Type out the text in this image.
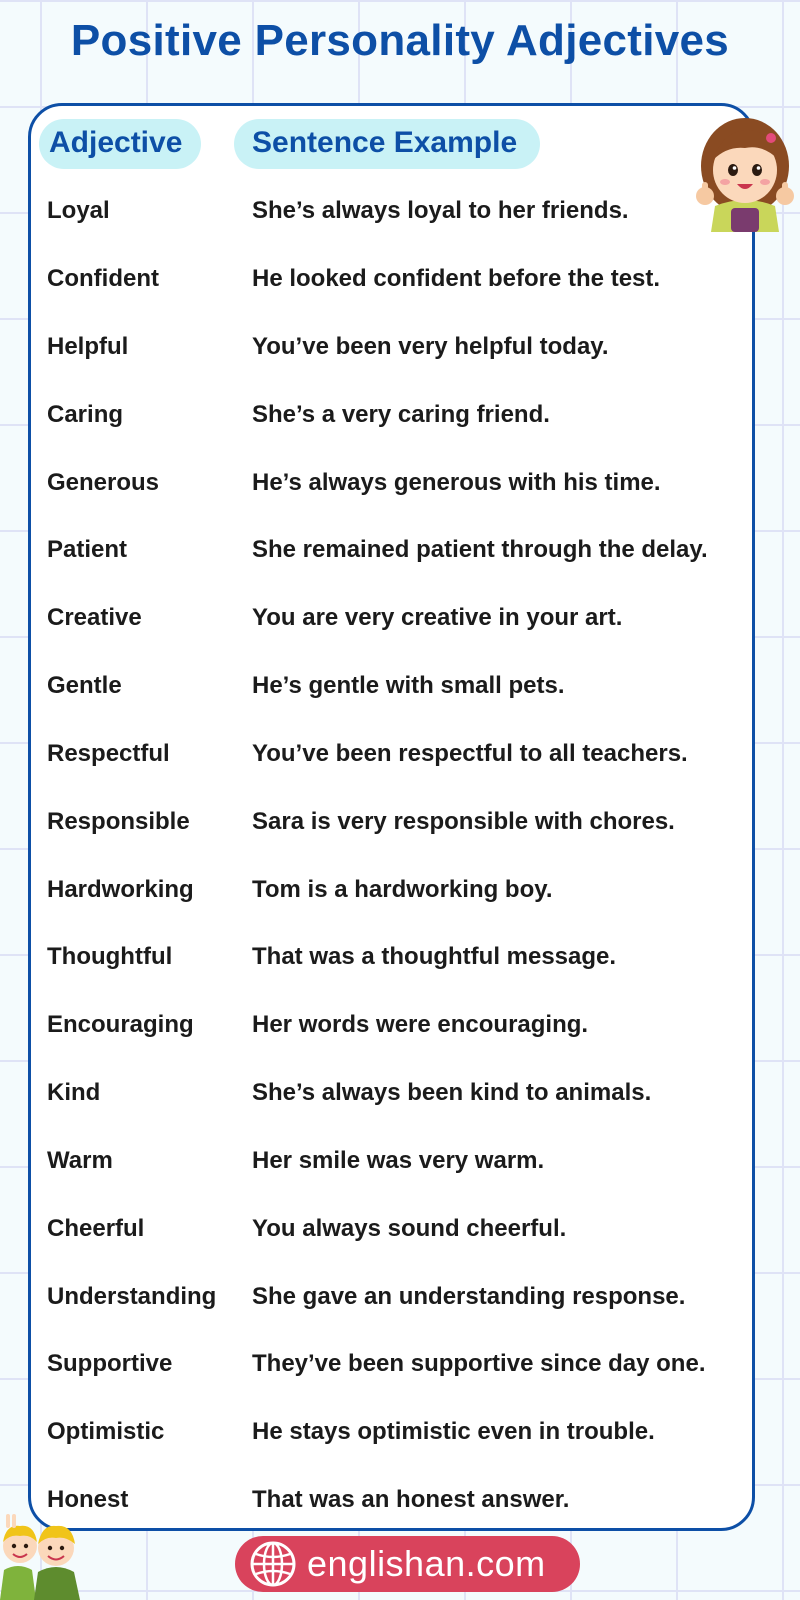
Positive Personality Adjectives
Adjective	Sentence Example
Loyal	She’s always loyal to her friends.
Confident	He looked confident before the test.
Helpful	You’ve been very helpful today.
Caring	She’s a very caring friend.
Generous	He’s always generous with his time.
Patient	She remained patient through the delay.
Creative	You are very creative in your art.
Gentle	He’s gentle with small pets.
Respectful	You’ve been respectful to all teachers.
Responsible	Sara is very responsible with chores.
Hardworking Tom is a hardworking boy.
Thoughtful	That was a thoughtful message.
Encouraging Her words were encouraging.
Kind	She’s always been kind to animals.
Warm	Her smile was very warm.
Cheerful	You always sound cheerful.
Understanding She gave an understanding response.
Supportive	They’ve been supportive since day one.
Optimistic	He stays optimistic even in trouble.
Honest	That was an honest answer.
englishan.com
